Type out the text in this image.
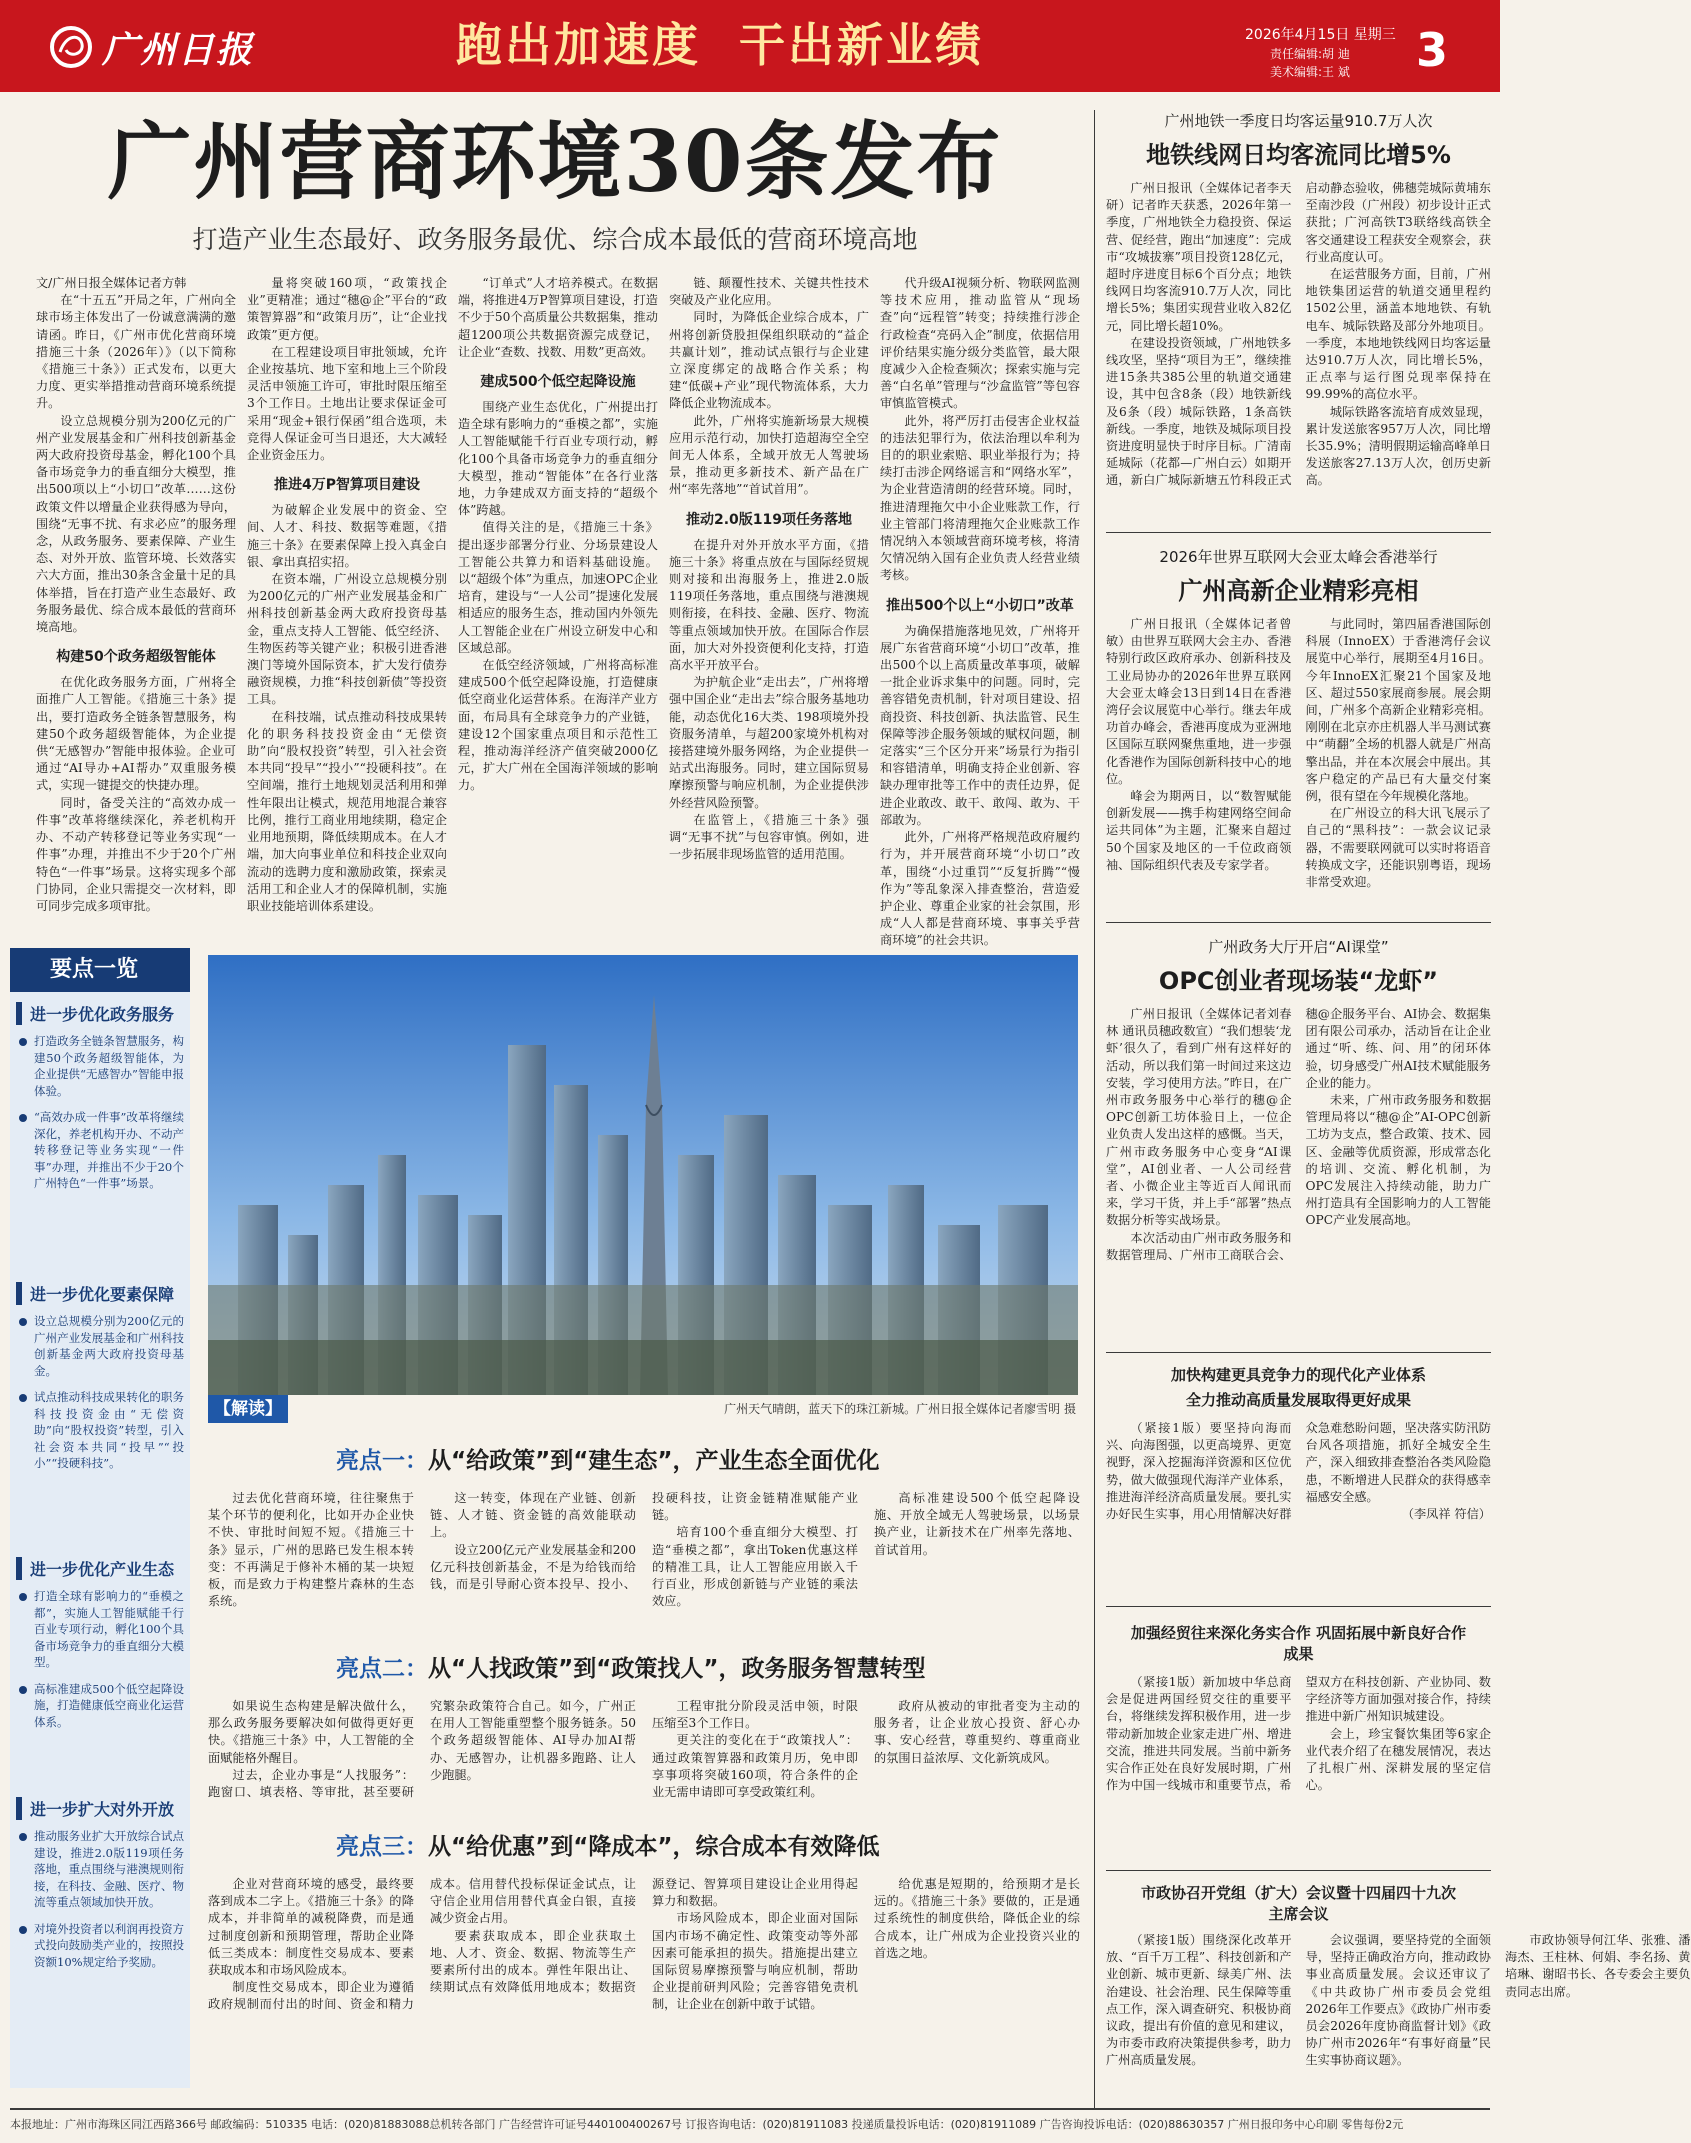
广州日报	跑出加速度  干出新业绩	2026年4月15日 星期三
责任编辑:胡 迪
美术编辑:王 斌	3
广州营商环境30条发布
打造产业生态最好、政务服务最优、综合成本最低的营商环境高地
文/广州日报全媒体记者方韩

在“十五五”开局之年，广州向全球市场主体发出了一份诚意满满的邀请函。昨日，《广州市优化营商环境措施三十条（2026年）》（以下简称《措施三十条》）正式发布，以更大力度、更实举措推动营商环境系统提升。

设立总规模分别为200亿元的广州产业发展基金和广州科技创新基金两大政府投资母基金，孵化100个具备市场竞争力的垂直细分大模型，推出500项以上“小切口”改革……这份政策文件以增量企业获得感为导向，围绕“无事不扰、有求必应”的服务理念，从政务服务、要素保障、产业生态、对外开放、监管环境、长效落实六大方面，推出30条含金量十足的具体举措，旨在打造产业生态最好、政务服务最优、综合成本最低的营商环境高地。

构建50个政务超级智能体

在优化政务服务方面，广州将全面推广人工智能。《措施三十条》提出，要打造政务全链条智慧服务，构建50个政务超级智能体，为企业提供“无感智办”智能申报体验。企业可通过“AI导办+AI帮办”双重服务模式，实现一键提交的快捷办理。

同时，备受关注的“高效办成一件事”改革将继续深化，养老机构开办、不动产转移登记等业务实现“一件事”办理，并推出不少于20个广州特色“一件事”场景。这将实现多个部门协同，企业只需提交一次材料，即可同步完成多项审批。

量将突破160项，“政策找企业”更精准；通过“穗@企”平台的“政策智算器”和“政策月历”，让“企业找政策”更方便。

在工程建设项目审批领域，允许企业按基坑、地下室和地上三个阶段灵活申领施工许可，审批时限压缩至3个工作日。土地出让要求保证金可采用“现金+银行保函”组合选项，未竞得人保证金可当日退还，大大减轻企业资金压力。

推进4万P智算项目建设

为破解企业发展中的资金、空间、人才、科技、数据等难题，《措施三十条》在要素保障上投入真金白银、拿出真招实招。

在资本端，广州设立总规模分别为200亿元的广州产业发展基金和广州科技创新基金两大政府投资母基金，重点支持人工智能、低空经济、生物医药等关键产业；积极引进香港澳门等境外国际资本，扩大发行债券融资规模，力推“科技创新债”等投资工具。

在科技端，试点推动科技成果转化的职务科技投资金由“无偿资助”向“股权投资”转型，引入社会资本共同“投早”“投小”“投硬科技”。在空间端，推行土地规划灵活利用和弹性年限出让模式，规范用地混合兼容比例，推行工商业用地续期，稳定企业用地预期，降低续期成本。在人才端，加大向事业单位和科技企业双向流动的选聘力度和激励政策，探索灵活用工和企业人才的保障机制，实施职业技能培训体系建设。

“订单式”人才培养模式。在数据端，将推进4万P智算项目建设，打造不少于50个高质量公共数据集，推动超1200项公共数据资源完成登记，让企业“查数、找数、用数”更高效。

建成500个低空起降设施

围绕产业生态优化，广州提出打造全球有影响力的“垂模之都”，实施人工智能赋能千行百业专项行动，孵化100个具备市场竞争力的垂直细分大模型，推动“智能体”在各行业落地，力争建成双方面支持的“超级个体”跨越。

值得关注的是，《措施三十条》提出逐步部署分行业、分场景建设人工智能公共算力和语料基础设施。以“超级个体”为重点，加速OPC企业培育，建设与“一人公司”提速化发展相适应的服务生态，推动国内外领先人工智能企业在广州设立研发中心和区域总部。

在低空经济领域，广州将高标准建成500个低空起降设施，打造健康低空商业化运营体系。在海洋产业方面，布局具有全球竞争力的产业链，建设12个国家重点项目和示范性工程，推动海洋经济产值突破2000亿元，扩大广州在全国海洋领域的影响力。

链、颠覆性技术、关键共性技术突破及产业化应用。

同时，为降低企业综合成本，广州将创新贷股担保组织联动的“益企共赢计划”，推动试点银行与企业建立深度绑定的战略合作关系；构建“低碳+产业”现代物流体系，大力降低企业物流成本。

此外，广州将实施新场景大规模应用示范行动，加快打造超海空全空间无人体系，全域开放无人驾驶场景，推动更多新技术、新产品在广州“率先落地”“首试首用”。

推动2.0版119项任务落地

在提升对外开放水平方面，《措施三十条》将重点放在与国际经贸规则对接和出海服务上，推进2.0版119项任务落地，重点围绕与港澳规则衔接，在科技、金融、医疗、物流等重点领域加快开放。在国际合作层面，加大对外投资便利化支持，打造高水平开放平台。

为护航企业“走出去”，广州将增强中国企业“走出去”综合服务基地功能，动态优化16大类、198项境外投资服务清单，与超200家境外机构对接搭建境外服务网络，为企业提供一站式出海服务。同时，建立国际贸易摩擦预警与响应机制，为企业提供涉外经营风险预警。

在监管上，《措施三十条》强调“无事不扰”与包容审慎。例如，进一步拓展非现场监管的适用范围。

代升级AI视频分析、物联网监测等技术应用，推动监管从“现场查”向“远程管”转变；持续推行涉企行政检查“亮码入企”制度，依据信用评价结果实施分级分类监管，最大限度减少入企检查频次；探索实施与完善“白名单”管理与“沙盒监管”等包容审慎监管模式。

此外，将严厉打击侵害企业权益的违法犯罪行为，依法治理以牟利为目的的职业索赔、职业举报行为；持续打击涉企网络谣言和“网络水军”，为企业营造清朗的经营环境。同时，推进清理拖欠中小企业账款工作，行业主管部门将清理拖欠企业账款工作情况纳入本领域营商环境考核，将清欠情况纳入国有企业负责人经营业绩考核。

推出500个以上“小切口”改革

为确保措施落地见效，广州将开展广东省营商环境“小切口”改革，推出500个以上高质量改革事项，破解一批企业诉求集中的问题。同时，完善容错免责机制，针对项目建设、招商投资、科技创新、执法监管、民生保障等涉企服务领域的赋权问题，制定落实“三个区分开来”场景行为指引和容错清单，明确支持企业创新、容缺办理审批等工作中的责任边界，促进企业敢改、敢干、敢闯、敢为、干部敢为。

此外，广州将严格规范政府履约行为，并开展营商环境“小切口”改革，围绕“小过重罚”“反复折腾”“慢作为”等乱象深入排查整治，营造爱护企业、尊重企业家的社会氛围，形成“人人都是营商环境、事事关乎营商环境”的社会共识。

要点一览
进一步优化政务服务
打造政务全链条智慧服务，构建50个政务超级智能体，为企业提供“无感智办”智能申报体验。
“高效办成一件事”改革将继续深化，养老机构开办、不动产转移登记等业务实现“一件事”办理，并推出不少于20个广州特色“一件事”场景。
进一步优化要素保障
设立总规模分别为200亿元的广州产业发展基金和广州科技创新基金两大政府投资母基金。
试点推动科技成果转化的职务科技投资金由“无偿资助”向“股权投资”转型，引入社会资本共同“投早”“投小”“投硬科技”。
进一步优化产业生态
打造全球有影响力的“垂模之都”，实施人工智能赋能千行百业专项行动，孵化100个具备市场竞争力的垂直细分大模型。
高标准建成500个低空起降设施，打造健康低空商业化运营体系。
进一步扩大对外开放
推动服务业扩大开放综合试点建设，推进2.0版119项任务落地，重点围绕与港澳规则衔接，在科技、金融、医疗、物流等重点领域加快开放。
对境外投资者以利润再投资方式投向鼓励类产业的，按照投资额10%规定给予奖励。
广州天气晴朗，蓝天下的珠江新城。广州日报全媒体记者廖雪明 摄
【解读】
亮点一：从“给政策”到“建生态”，产业生态全面优化

过去优化营商环境，往往聚焦于某个环节的便利化，比如开办企业快不快、审批时间短不短。《措施三十条》显示，广州的思路已发生根本转变：不再满足于修补木桶的某一块短板，而是致力于构建整片森林的生态系统。

这一转变，体现在产业链、创新链、人才链、资金链的高效能联动上。

设立200亿元产业发展基金和200亿元科技创新基金，不是为给钱而给钱，而是引导耐心资本投早、投小、投硬科技，让资金链精准赋能产业链。

培育100个垂直细分大模型、打造“垂模之都”，拿出Token优惠这样的精准工具，让人工智能应用嵌入千行百业，形成创新链与产业链的乘法效应。

高标准建设500个低空起降设施、开放全域无人驾驶场景，以场景换产业，让新技术在广州率先落地、首试首用。

亮点二：从“人找政策”到“政策找人”，政务服务智慧转型

如果说生态构建是解决做什么，那么政务服务要解决如何做得更好更快。《措施三十条》中，人工智能的全面赋能格外醒目。

过去，企业办事是“人找服务”：跑窗口、填表格、等审批，甚至要研究繁杂政策符合自己。如今，广州正在用人工智能重塑整个服务链条。50个政务超级智能体、AI导办加AI帮办、无感智办，让机器多跑路、让人少跑腿。

工程审批分阶段灵活申领，时限压缩至3个工作日。

更关注的变化在于“政策找人”：通过政策智算器和政策月历，免申即享事项将突破160项，符合条件的企业无需申请即可享受政策红利。

政府从被动的审批者变为主动的服务者，让企业放心投资、舒心办事、安心经营，尊重契约、尊重商业的氛围日益浓厚、文化新筑成风。

亮点三：从“给优惠”到“降成本”，综合成本有效降低

企业对营商环境的感受，最终要落到成本二字上。《措施三十条》的降成本，并非简单的减税降费，而是通过制度创新和预期管理，帮助企业降低三类成本：制度性交易成本、要素获取成本和市场风险成本。

制度性交易成本，即企业为遵循政府规制而付出的时间、资金和精力成本。信用替代投标保证金试点，让守信企业用信用替代真金白银，直接减少资金占用。

要素获取成本，即企业获取土地、人才、资金、数据、物流等生产要素所付出的成本。弹性年限出让、续期试点有效降低用地成本；数据资源登记、智算项目建设让企业用得起算力和数据。

市场风险成本，即企业面对国际国内市场不确定性、政策变动等外部因素可能承担的损失。措施提出建立国际贸易摩擦预警与响应机制，帮助企业提前研判风险；完善容错免责机制，让企业在创新中敢于试错。

给优惠是短期的，给预期才是长远的。《措施三十条》要做的，正是通过系统性的制度供给，降低企业的综合成本，让广州成为企业投资兴业的首选之地。

广州地铁一季度日均客运量910.7万人次
地铁线网日均客流同比增5%

广州日报讯（全媒体记者李天研）记者昨天获悉，2026年第一季度，广州地铁全力稳投资、保运营、促经营，跑出“加速度”：完成市“攻城拔寨”项目投资128亿元，超时序进度目标6个百分点；地铁线网日均客流910.7万人次，同比增长5%；集团实现营业收入82亿元，同比增长超10%。

在建设投资领域，广州地铁多线攻坚，坚持“项目为王”，继续推进15条共385公里的轨道交通建设，其中包含8条（段）地铁新线及6条（段）城际铁路，1条高铁新线。一季度，地铁及城际项目投资进度明显快于时序目标。广清南延城际（花都—广州白云）如期开通，新白广城际新塘五竹科段正式启动静态验收，佛穗莞城际黄埔东至南沙段（广州段）初步设计正式获批；广河高铁T3联络线高铁全客交通建设工程获安全观察会，获行业高度认可。

在运营服务方面，目前，广州地铁集团运营的轨道交通里程约1502公里，涵盖本地地铁、有轨电车、城际铁路及部分外地项目。一季度，本地地铁线网日均客运量达910.7万人次，同比增长5%，正点率与运行图兑现率保持在99.99%的高位水平。

城际铁路客流培育成效显现，累计发送旅客957万人次，同比增长35.9%；清明假期运输高峰单日发送旅客27.13万人次，创历史新高。

2026年世界互联网大会亚太峰会香港举行
广州高新企业精彩亮相

广州日报讯（全媒体记者曾敏）由世界互联网大会主办、香港特别行政区政府承办、创新科技及工业局协办的2026年世界互联网大会亚太峰会13日到14日在香港湾仔会议展览中心举行。继去年成功首办峰会，香港再度成为亚洲地区国际互联网聚焦重地，进一步强化香港作为国际创新科技中心的地位。

峰会为期两日，以“数智赋能 创新发展——携手构建网络空间命运共同体”为主题，汇聚来自超过50个国家及地区的一千位政商领袖、国际组织代表及专家学者。

与此同时，第四届香港国际创科展（InnoEX）于香港湾仔会议展览中心举行，展期至4月16日。今年InnoEX汇聚21个国家及地区、超过550家展商参展。展会期间，广州多个高新企业精彩亮相。刚刚在北京亦庄机器人半马测试赛中“萌翻”全场的机器人就是广州高擎出品，并在本次展会中展出。其客户稳定的产品已有大量交付案例，很有望在今年规模化落地。

在广州设立的科大讯飞展示了自己的“黑科技”：一款会议记录器，不需要联网就可以实时将语音转换成文字，还能识别粤语，现场非常受欢迎。

广州政务大厅开启“AI课堂”
OPC创业者现场装“龙虾”

广州日报讯（全媒体记者刘春林 通讯员穗政数宣）“我们想装‘龙虾’很久了，看到广州有这样好的活动，所以我们第一时间过来这边安装，学习使用方法。”昨日，在广州市政务服务中心举行的穗@企OPC创新工坊体验日上，一位企业负责人发出这样的感慨。当天，广州市政务服务中心变身“AI课堂”，AI创业者、一人公司经营者、小微企业主等近百人闻讯而来，学习干货，并上手“部署”热点数据分析等实战场景。

本次活动由广州市政务服务和数据管理局、广州市工商联合会、穗@企服务平台、AI协会、数据集团有限公司承办，活动旨在让企业通过“听、练、问、用”的闭环体验，切身感受广州AI技术赋能服务企业的能力。

未来，广州市政务服务和数据管理局将以“穗@企”AI-OPC创新工坊为支点，整合政策、技术、园区、金融等优质资源，形成常态化的培训、交流、孵化机制，为OPC发展注入持续动能，助力广州打造具有全国影响力的人工智能OPC产业发展高地。

加快构建更具竞争力的现代化产业体系
全力推动高质量发展取得更好成果

（紧接1版）要坚持向海而兴、向海图强，以更高境界、更宽视野，深入挖掘海洋资源和区位优势，做大做强现代海洋产业体系，推进海洋经济高质量发展。要扎实办好民生实事，用心用情解决好群众急难愁盼问题，坚决落实防汛防台风各项措施，抓好全城安全生产，深入细致排查整治各类风险隐患，不断增进人民群众的获得感幸福感安全感。

（李凤祥 符信）

加强经贸往来深化务实合作 巩固拓展中新良好合作成果

（紧接1版）新加坡中华总商会是促进两国经贸交往的重要平台，将继续发挥积极作用，进一步带动新加坡企业家走进广州、增进交流，推进共同发展。当前中新务实合作正处在良好发展时期，广州作为中国一线城市和重要节点，希望双方在科技创新、产业协同、数字经济等方面加强对接合作，持续推进中新广州知识城建设。

会上，珍宝餐饮集团等6家企业代表介绍了在穗发展情况，表达了扎根广州、深耕发展的坚定信心。

市政协召开党组（扩大）会议暨十四届四十九次主席会议

（紧接1版）围绕深化改革开放、“百千万工程”、科技创新和产业创新、城市更新、绿美广州、法治建设、社会治理、民生保障等重点工作，深入调查研究、积极协商议政，提出有价值的意见和建议，为市委市政府决策提供参考，助力广州高质量发展。

会议强调，要坚持党的全面领导，坚持正确政治方向，推动政协事业高质量发展。会议还审议了《中共政协广州市委员会党组2026年工作要点》《政协广州市委员会2026年度协商监督计划》《政协广州市2026年“有事好商量”民生实事协商议题》。

市政协领导何江华、张雅、潘海杰、王柱林、何娟、李名扬、黄培琳、谢昭书长、各专委会主要负责同志出席。

本报地址：广州市海珠区同江西路366号 邮政编码：510335 电话：(020)81883088总机转各部门 广告经营许可证号440100400267号 订报咨询电话：(020)81911083 投递质量投诉电话：(020)81911089 广告咨询投诉电话：(020)88630357 广州日报印务中心印刷 零售每份2元
